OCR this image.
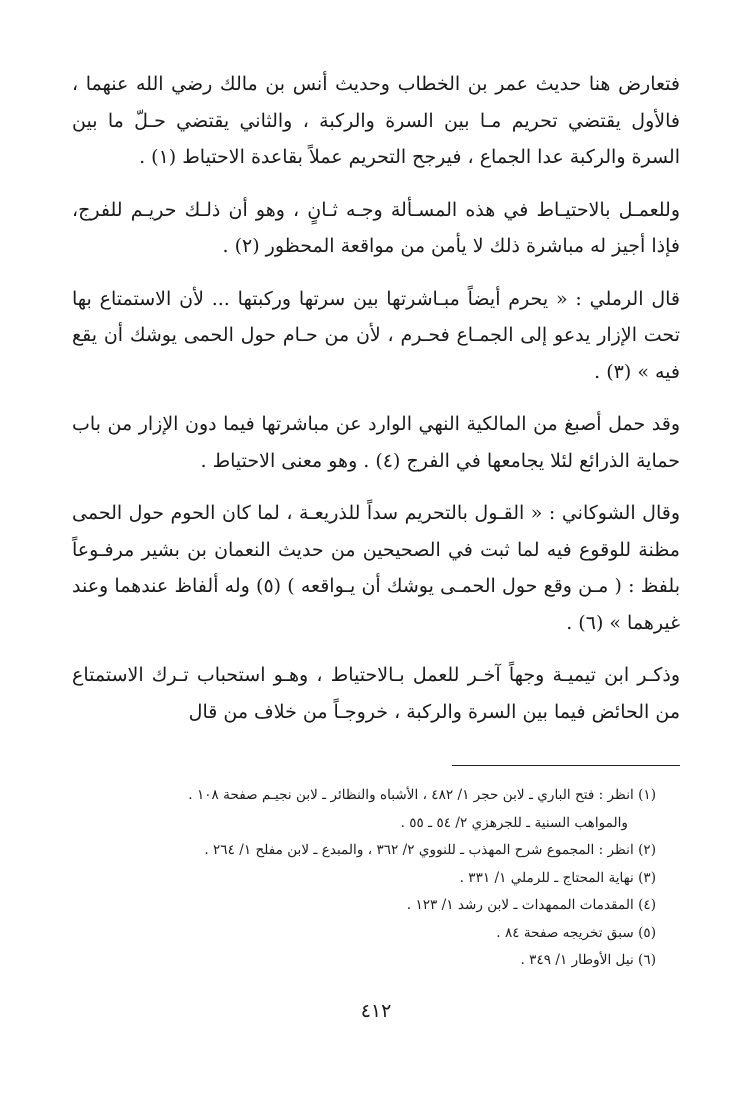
فتعارض هنا حديث عمر بن الخطاب وحديث أنس بن مالك رضي الله عنهما ، فالأول يقتضي تحريم مـا بين السرة والركبة ، والثاني يقتضي حـلّ ما بين السرة والركبة عدا الجماع ، فيرجح التحريم عملاً بقاعدة الاحتياط (١) .

وللعمـل بالاحتيـاط في هذه المسـألة وجـه ثـانٍ ، وهو أن ذلـك حريـم للفرج، فإذا أجيز له مباشرة ذلك لا يأمن من مواقعة المحظور (٢) .

قال الرملي : « يحرم أيضاً مبـاشرتها بين سرتها وركبتها ... لأن الاستمتاع بها تحت الإزار يدعو إلى الجمـاع فحـرم ، لأن من حـام حول الحمى يوشك أن يقع فيه » (٣) .

وقد حمل أصبغ من المالكية النهي الوارد عن مباشرتها فيما دون الإزار من باب حماية الذرائع لئلا يجامعها في الفرج (٤) . وهو معنى الاحتياط .

وقال الشوكاني : « القـول بالتحريم سداً للذريعـة ، لما كان الحوم حول الحمى مظنة للوقوع فيه لما ثبت في الصحيحين من حديث النعمان بن بشير مرفـوعاً بلفظ : ( مـن وقع حول الحمـى يوشك أن يـواقعه ) (٥) وله ألفاظ عندهما وعند غيرهما » (٦) .

وذكـر ابن تيميـة وجهاً آخـر للعمل بـالاحتياط ، وهـو استحباب تـرك الاستمتاع من الحائض فيما بين السرة والركبة ، خروجـاً من خلاف من قال

(١) انظر : فتح الباري ـ لابن حجر ١/ ٤٨٢ ، الأشباه والنظائر ـ لابن نجيـم صفحة ١٠٨ .

والمواهب السنية ـ للجرهزي ٢/ ٥٤ ـ ٥٥ .

(٢) انظر : المجموع شرح المهذب ـ للنووي ٢/ ٣٦٢ ، والمبدع ـ لابن مفلح ١/ ٢٦٤ .

(٣) نهاية المحتاج ـ للرملي ١/ ٣٣١ .

(٤) المقدمات الممهدات ـ لابن رشد ١/ ١٢٣ .

(٥) سبق تخريجه صفحة ٨٤ .

(٦) نيل الأوطار ١/ ٣٤٩ .

٤١٢
